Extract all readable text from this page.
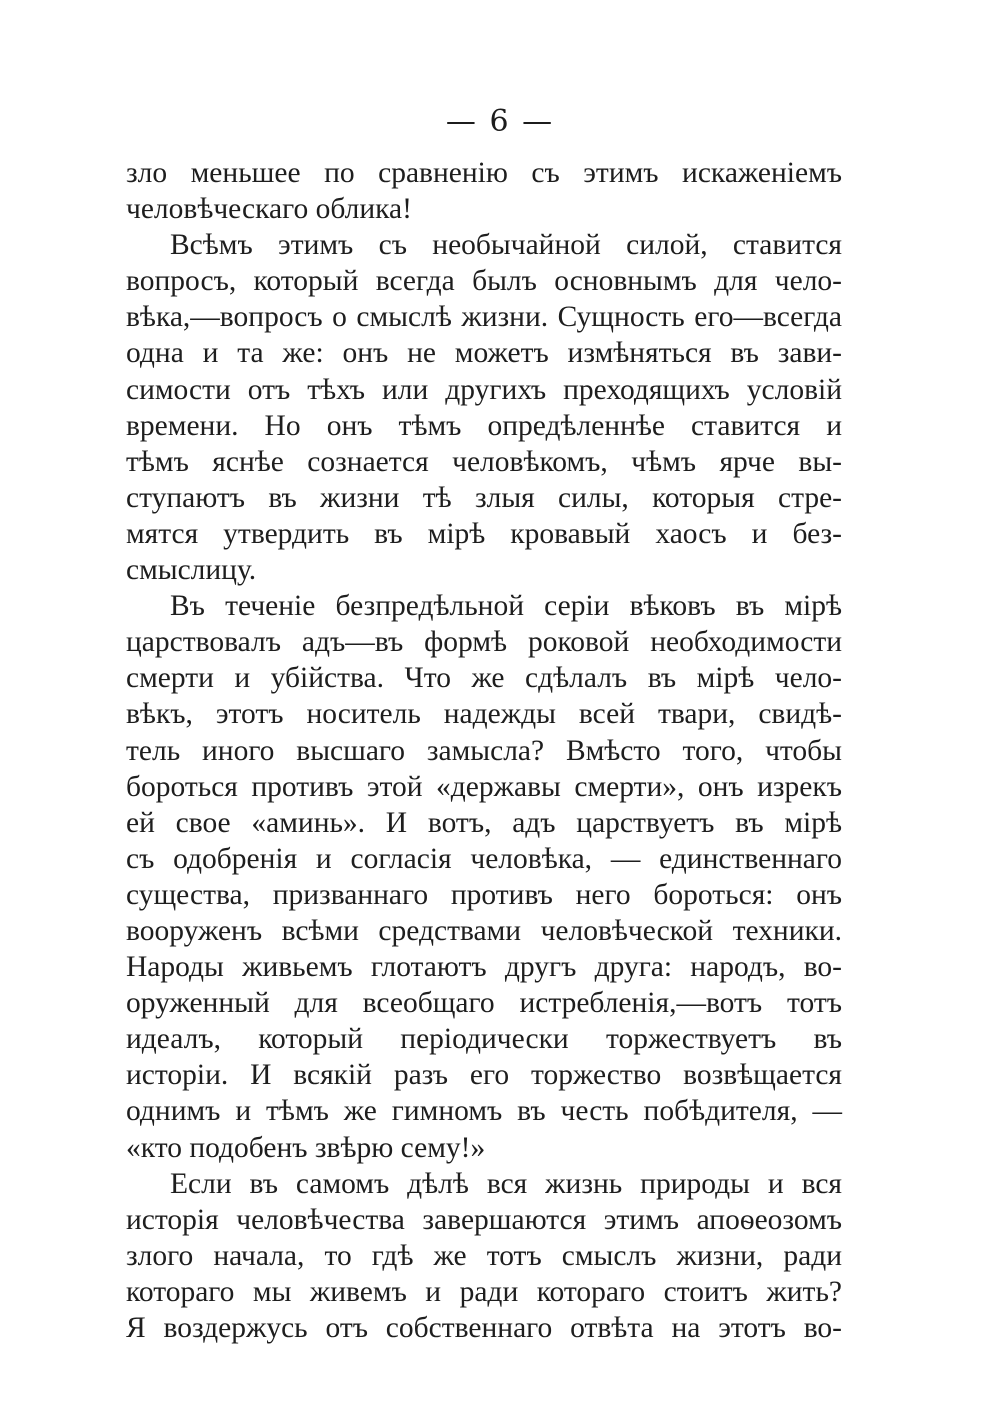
— 6 —
зло меньшее по сравненію съ этимъ искаженіемъ
человѣческаго облика!
Всѣмъ этимъ съ необычайной силой, ставится
вопросъ, который всегда былъ основнымъ для чело-
вѣка,—вопросъ о смыслѣ жизни. Сущность его—всегда
одна и та же: онъ не можетъ измѣняться въ зави-
симости отъ тѣхъ или другихъ преходящихъ условій
времени. Но онъ тѣмъ опредѣленнѣе ставится и
тѣмъ яснѣе сознается человѣкомъ, чѣмъ ярче вы-
ступаютъ въ жизни тѣ злыя силы, которыя стре-
мятся утвердить въ мірѣ кровавый хаосъ и без-
смыслицу.
Въ теченіе безпредѣльной серіи вѣковъ въ мірѣ
царствовалъ адъ—въ формѣ роковой необходимости
смерти и убійства. Что же сдѣлалъ въ мірѣ чело-
вѣкъ, этотъ носитель надежды всей твари, свидѣ-
тель иного высшаго замысла? Вмѣсто того, чтобы
бороться противъ этой «державы смерти», онъ изрекъ
ей свое «аминь». И вотъ, адъ царствуетъ въ мірѣ
съ одобренія и согласія человѣка, — единственнаго
существа, призваннаго противъ него бороться: онъ
вооруженъ всѣми средствами человѣческой техники.
Народы живьемъ глотаютъ другъ друга: народъ, во-
оруженный для всеобщаго истребленія,—вотъ тотъ
идеалъ, который періодически торжествуетъ въ
исторіи. И всякій разъ его торжество возвѣщается
однимъ и тѣмъ же гимномъ въ честь побѣдителя, —
«кто подобенъ звѣрю сему!»
Если въ самомъ дѣлѣ вся жизнь природы и вся
исторія человѣчества завершаются этимъ апоѳеозомъ
злого начала, то гдѣ же тотъ смыслъ жизни, ради
котораго мы живемъ и ради котораго стоитъ жить?
Я воздержусь отъ собственнаго отвѣта на этотъ во-
